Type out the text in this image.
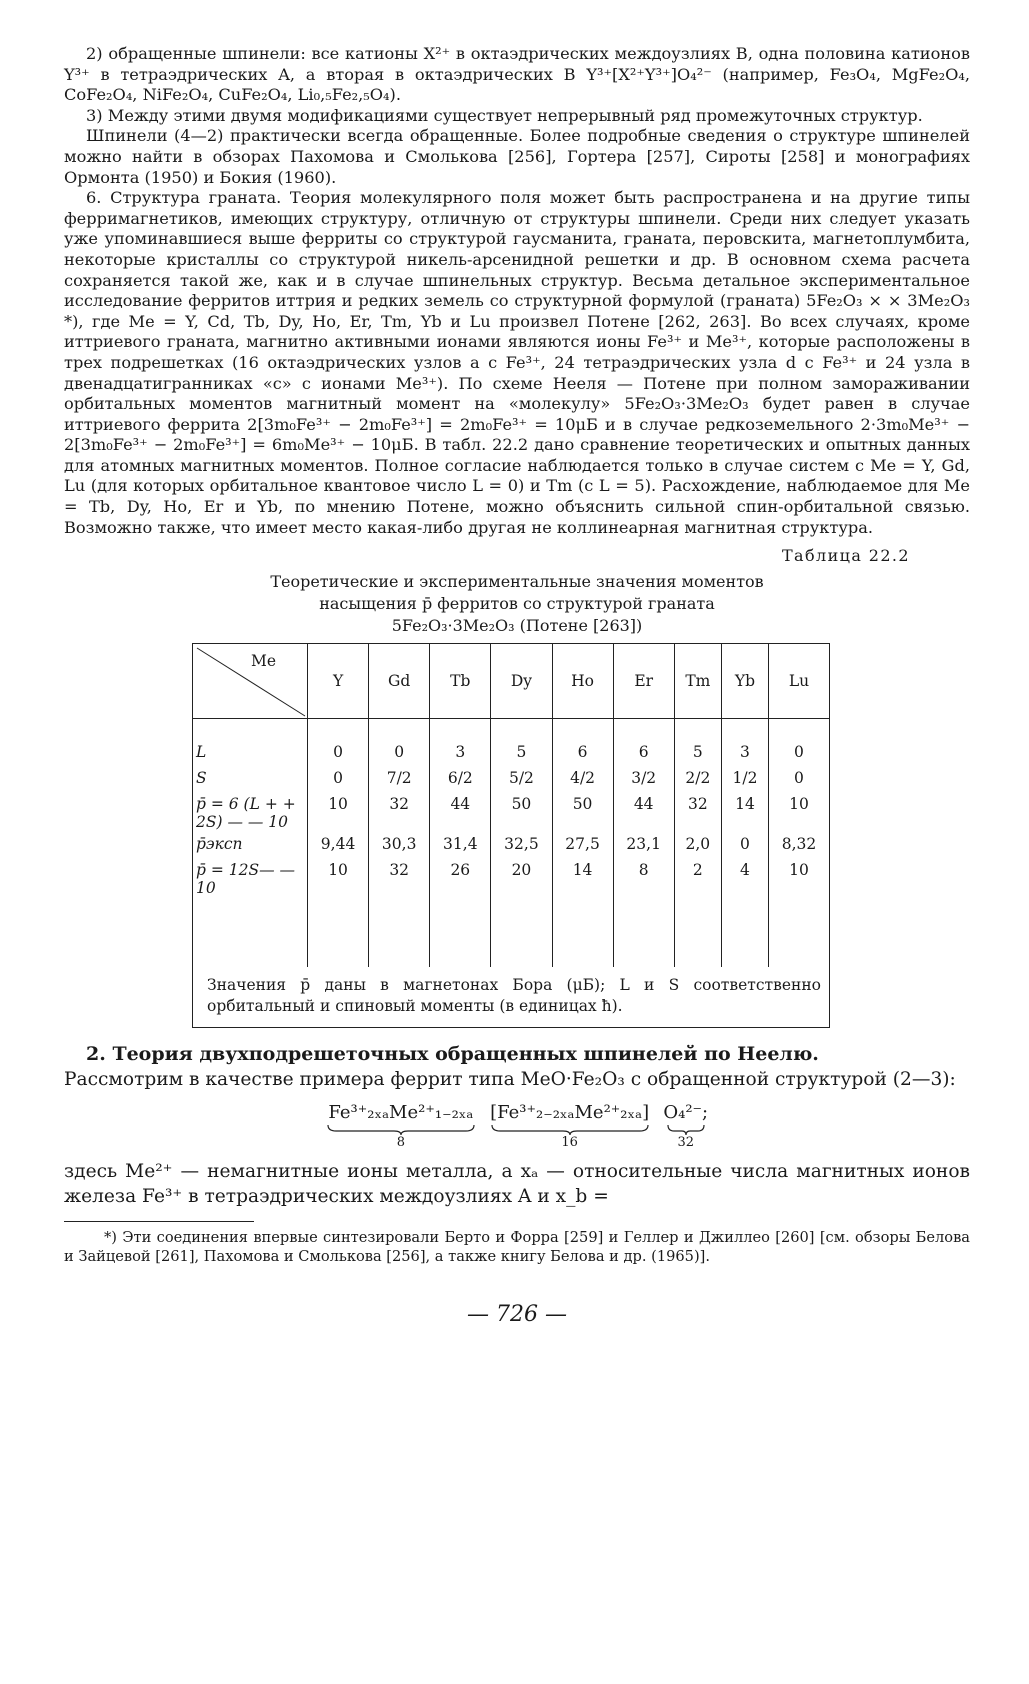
2) обращенные шпинели: все катионы X²⁺ в октаэдрических междоузлиях B, одна половина катионов Y³⁺ в тетраэдрических A, а вторая в октаэдрических B Y³⁺[X²⁺Y³⁺]O₄²⁻ (например, Fe₃O₄, MgFe₂O₄, CoFe₂O₄, NiFe₂O₄, CuFe₂O₄, Li₀,₅Fe₂,₅O₄).

3) Между этими двумя модификациями существует непрерывный ряд промежуточных структур.

Шпинели (4—2) практически всегда обращенные. Более подробные сведения о структуре шпинелей можно найти в обзорах Пахомова и Смолькова [256], Гортера [257], Сироты [258] и монографиях Ормонта (1950) и Бокия (1960).

6. Структура граната. Теория молекулярного поля может быть распространена и на другие типы ферримагнетиков, имеющих структуру, отличную от структуры шпинели. Среди них следует указать уже упоминавшиеся выше ферриты со структурой гаусманита, граната, перовскита, магнетоплумбита, некоторые кристаллы со структурой никель-арсенидной решетки и др. В основном схема расчета сохраняется такой же, как и в случае шпинельных структур. Весьма детальное экспериментальное исследование ферритов иттрия и редких земель со структурной формулой (граната) 5Fe₂O₃ × × 3Me₂O₃ *), где Me = Y, Cd, Tb, Dy, Ho, Er, Tm, Yb и Lu произвел Потене [262, 263]. Во всех случаях, кроме иттриевого граната, магнитно активными ионами являются ионы Fe³⁺ и Me³⁺, которые расположены в трех подрешетках (16 октаэдрических узлов a с Fe³⁺, 24 тетраэдрических узла d с Fe³⁺ и 24 узла в двенадцатигранниках «c» с ионами Me³⁺). По схеме Нееля — Потене при полном замораживании орбитальных моментов магнитный момент на «молекулу» 5Fe₂O₃·3Me₂O₃ будет равен в случае иттриевого феррита 2[3m₀Fe³⁺ − 2m₀Fe³⁺] = 2m₀Fe³⁺ = 10μБ и в случае редкоземельного 2·3m₀Me³⁺ − 2[3m₀Fe³⁺ − 2m₀Fe³⁺] = 6m₀Me³⁺ − 10μБ. В табл. 22.2 дано сравнение теоретических и опытных данных для атомных магнитных моментов. Полное согласие наблюдается только в случае систем с Me = Y, Gd, Lu (для которых орбитальное квантовое число L = 0) и Tm (с L = 5). Расхождение, наблюдаемое для Me = Tb, Dy, Ho, Er и Yb, по мнению Потене, можно объяснить сильной спин-орбитальной связью. Возможно также, что имеет место какая-либо другая не коллинеарная магнитная структура.

Таблица 22.2
Теоретические и экспериментальные значения моментов
насыщения p̄ ферритов со структурой граната
5Fe₂O₃·3Me₂O₃ (Потене [263])
Me	Y	Gd	Tb	Dy	Ho	Er	Tm	Yb	Lu
L	0	0	3	5	6	6	5	3	0
S	0	7/2	6/2	5/2	4/2	3/2	2/2	1/2	0
p̄ = 6 (L + + 2S) — — 10	10	32	44	50	50	44	32	14	10
p̄эксп	9,44	30,3	31,4	32,5	27,5	23,1	2,0	0	8,32
p̄ = 12S— — 10	10	32	26	20	14	8	2	4	10
Значения p̄ даны в магнетонах Бора (μБ); L и S соответственно орбитальный и спиновый моменты (в единицах ħ).
2. Теория двухподрешеточных обращенных шпинелей по Неелю.

Рассмотрим в качестве примера феррит типа MeO·Fe₂O₃ с обращенной структурой (2—3):

Fe³⁺₂ₓₐMe²⁺₁₋₂ₓₐ
8
[Fe³⁺₂₋₂ₓₐMe²⁺₂ₓₐ]
16
O₄²⁻;
32

здесь Me²⁺ — немагнитные ионы металла, а xₐ — относительные числа магнитных ионов железа Fe³⁺ в тетраэдрических междоузлиях A и x_b =

*) Эти соединения впервые синтезировали Берто и Форра [259] и Геллер и Джиллео [260] [см. обзоры Белова и Зайцевой [261], Пахомова и Смолькова [256], а также книгу Белова и др. (1965)].

— 726 —
